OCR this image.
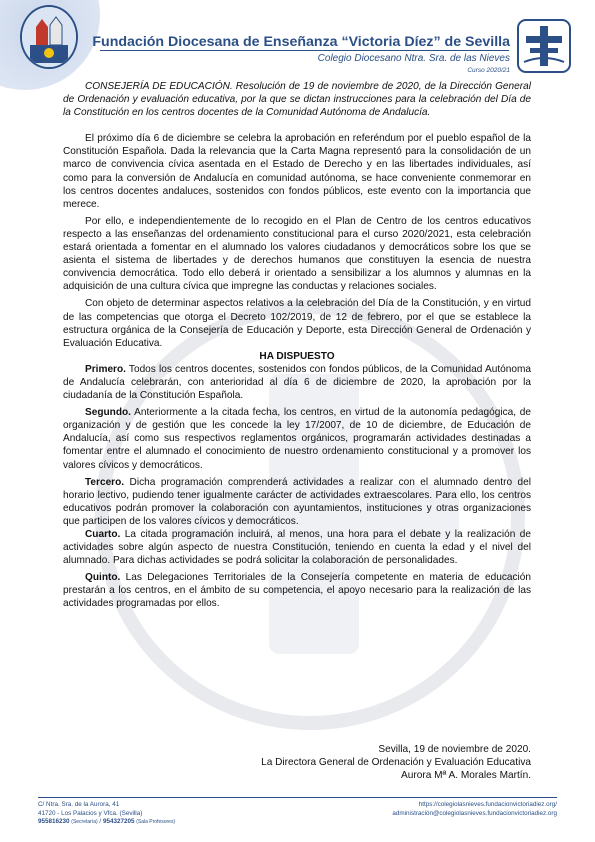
Fundación Diocesana de Enseñanza “Victoria Díez” de Sevilla
Colegio Diocesano Ntra. Sra. de las Nieves
Curso 2020/21

CONSEJERÍA DE EDUCACIÓN. Resolución de 19 de noviembre de 2020, de la Dirección General de Ordenación y evaluación educativa, por la que se dictan instrucciones para la celebración del Día de la Constitución en los centros docentes de la Comunidad Autónoma de Andalucía.

El próximo día 6 de diciembre se celebra la aprobación en referéndum por el pueblo español de la Constitución Española. Dada la relevancia que la Carta Magna representó para la consolidación de un marco de convivencia cívica asentada en el Estado de Derecho y en las libertades individuales, así como para la conversión de Andalucía en comunidad autónoma, se hace conveniente conmemorar en los centros docentes andaluces, sostenidos con fondos públicos, este evento con la importancia que merece.

Por ello, e independientemente de lo recogido en el Plan de Centro de los centros educativos respecto a las enseñanzas del ordenamiento constitucional para el curso 2020/2021, esta celebración estará orientada a fomentar en el alumnado los valores ciudadanos y democráticos sobre los que se asienta el sistema de libertades y de derechos humanos que constituyen la esencia de nuestra convivencia democrática. Todo ello deberá ir orientado a sensibilizar a los alumnos y alumnas en la adquisición de una cultura cívica que impregne las conductas y relaciones sociales.

Con objeto de determinar aspectos relativos a la celebración del Día de la Constitución, y en virtud de las competencias que otorga el Decreto 102/2019, de 12 de febrero, por el que se establece la estructura orgánica de la Consejería de Educación y Deporte, esta Dirección General de Ordenación y Evaluación Educativa.

HA DISPUESTO

Primero. Todos los centros docentes, sostenidos con fondos públicos, de la Comunidad Autónoma de Andalucía celebrarán, con anterioridad al día 6 de diciembre de 2020, la aprobación por la ciudadanía de la Constitución Española.

Segundo. Anteriormente a la citada fecha, los centros, en virtud de la autonomía pedagógica, de organización y de gestión que les concede la ley 17/2007, de 10 de diciembre, de Educación de Andalucía, así como sus respectivos reglamentos orgánicos, programarán actividades destinadas a fomentar entre el alumnado el conocimiento de nuestro ordenamiento constitucional y a promover los valores cívicos y democráticos.

Tercero. Dicha programación comprenderá actividades a realizar con el alumnado dentro del horario lectivo, pudiendo tener igualmente carácter de actividades extraescolares. Para ello, los centros educativos podrán promover la colaboración con ayuntamientos, instituciones y otras organizaciones que participen de los valores cívicos y democráticos.

Cuarto. La citada programación incluirá, al menos, una hora para el debate y la realización de actividades sobre algún aspecto de nuestra Constitución, teniendo en cuenta la edad y el nivel del alumnado. Para dichas actividades se podrá solicitar la colaboración de personalidades.

Quinto. Las Delegaciones Territoriales de la Consejería competente en materia de educación prestarán a los centros, en el ámbito de su competencia, el apoyo necesario para la realización de las actividades programadas por ellos.

Sevilla, 19 de noviembre de 2020.
La Directora General de Ordenación y Evaluación Educativa
Aurora Mª A. Morales Martín.
C/ Ntra. Sra. de la Aurora, 41
41720 - Los Palacios y Vfca. (Sevilla)
955816230 (Secretaría) / 954327205 (Sala Profesores)
https://colegiolasnieves.fundacionvictoriadiez.org/
administración@colegiolasnieves.fundacionvictoriadiez.org
